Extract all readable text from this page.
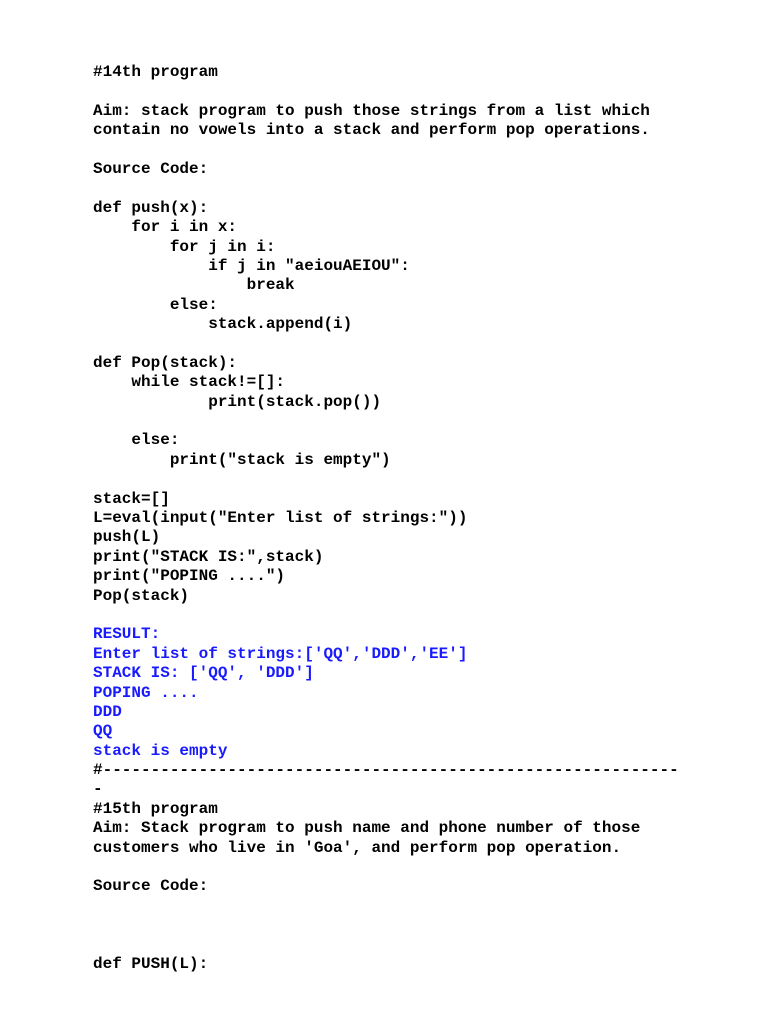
#14th program
Aim: stack program to push those strings from a list which
contain no vowels into a stack and perform pop operations.
Source Code:
def push(x):
for i in x:
for j in i:
if j in "aeiouAEIOU":
break
else:
stack.append(i)
def Pop(stack):
while stack!=[]:
print(stack.pop())
else:
print("stack is empty")
stack=[]
L=eval(input("Enter list of strings:"))
push(L)
print("STACK IS:",stack)
print("POPING ....")
Pop(stack)
RESULT:
Enter list of strings:['QQ','DDD','EE']
STACK IS: ['QQ', 'DDD']
POPING ....
DDD
QQ
stack is empty
#------------------------------------------------------------
-
#15th program
Aim: Stack program to push name and phone number of those
customers who live in 'Goa', and perform pop operation.
Source Code:
def PUSH(L):
